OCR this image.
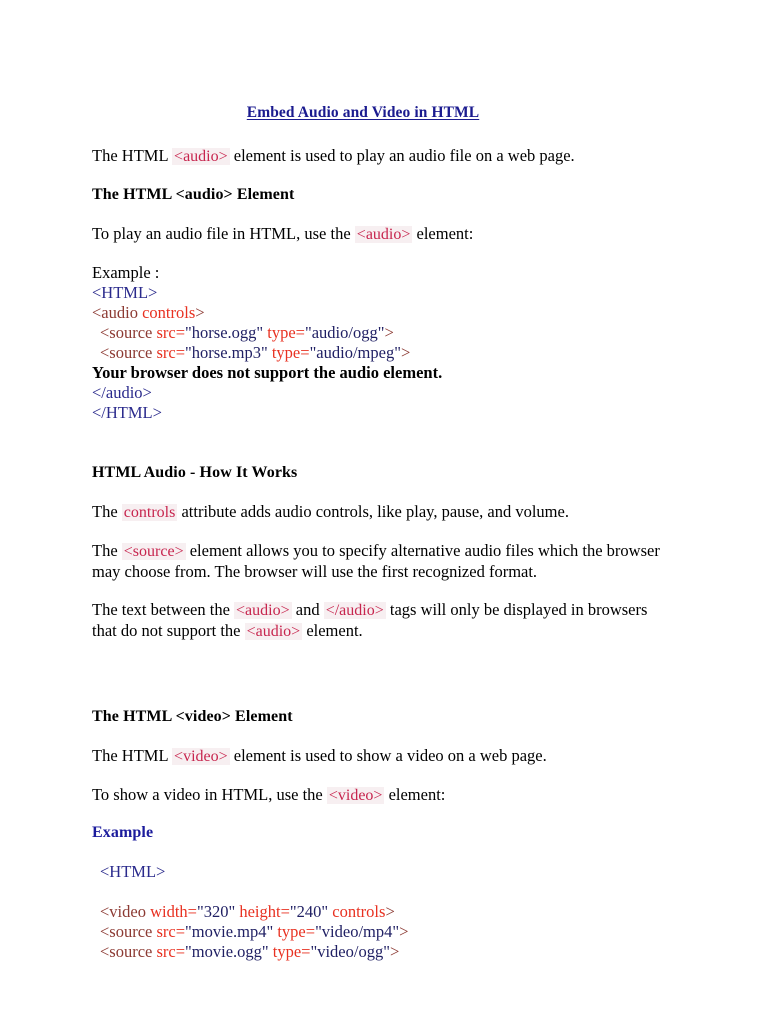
Embed Audio and Video in HTML

The HTML <audio> element is used to play an audio file on a web page.

The HTML <audio> Element

To play an audio file in HTML, use the <audio> element:

Example :

<HTML>
<audio controls>
<source src="horse.ogg" type="audio/ogg">
<source src="horse.mp3" type="audio/mpeg">
Your browser does not support the audio element.
</audio>
</HTML>
HTML Audio - How It Works

The controls attribute adds audio controls, like play, pause, and volume.

The <source> element allows you to specify alternative audio files which the browser may choose from. The browser will use the first recognized format.

The text between the <audio> and </audio> tags will only be displayed in browsers that do not support the <audio> element.

The HTML <video> Element

The HTML <video> element is used to show a video on a web page.

To show a video in HTML, use the <video> element:

Example
<HTML>
<video width="320" height="240" controls>
<source src="movie.mp4" type="video/mp4">
<source src="movie.ogg" type="video/ogg">
